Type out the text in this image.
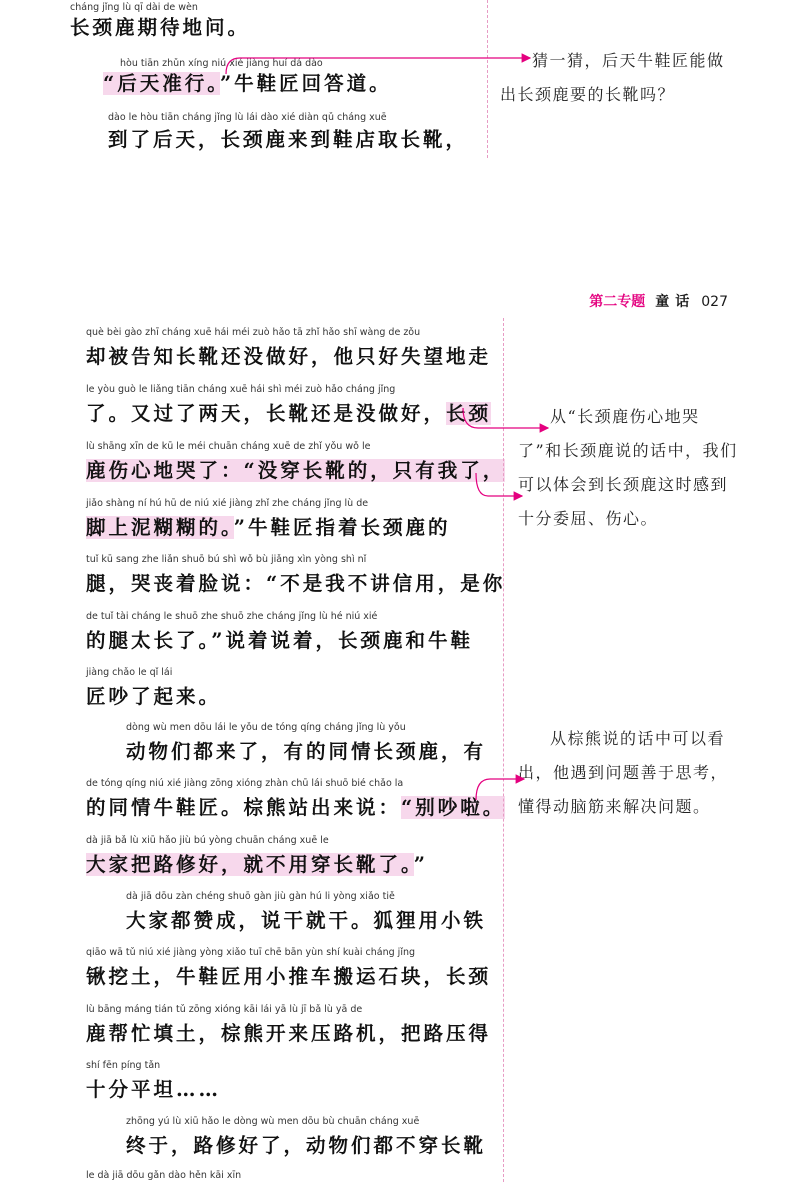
cháng jǐng lù qī dài de wèn
长颈鹿期待地问。
hòu tiān zhǔn xíng niú xié jiàng huí dá dào
“后天准行。”牛鞋匠回答道。
dào le hòu tiān cháng jǐng lù lái dào xié diàn qǔ cháng xuē
到了后天，长颈鹿来到鞋店取长靴，
猜一猜，后天牛鞋匠能做出长颈鹿要的长靴吗？
第二专题 童话 027
què bèi gào zhī cháng xuē hái méi zuò hǎo tā zhǐ hǎo shī wàng de zǒu
却被告知长靴还没做好，他只好失望地走
le yòu guò le liǎng tiān cháng xuē hái shì méi zuò hǎo cháng jǐng
了。又过了两天，长靴还是没做好，长颈
lù shāng xīn de kū le méi chuān cháng xuē de zhǐ yǒu wǒ le
鹿伤心地哭了：“没穿长靴的，只有我了，
jiǎo shàng ní hú hū de niú xié jiàng zhǐ zhe cháng jǐng lù de
脚上泥糊糊的。”牛鞋匠指着长颈鹿的
tuǐ kū sang zhe liǎn shuō bú shì wǒ bù jiǎng xìn yòng shì nǐ
腿，哭丧着脸说：“不是我不讲信用，是你
de tuǐ tài cháng le shuō zhe shuō zhe cháng jǐng lù hé niú xié
的腿太长了。”说着说着，长颈鹿和牛鞋
jiàng chǎo le qǐ lái
匠吵了起来。
dòng wù men dōu lái le yǒu de tóng qíng cháng jǐng lù yǒu
动物们都来了，有的同情长颈鹿，有
de tóng qíng niú xié jiàng zōng xióng zhàn chū lái shuō bié chǎo la
的同情牛鞋匠。棕熊站出来说：“别吵啦。
dà jiā bǎ lù xiū hǎo jiù bú yòng chuān cháng xuē le
大家把路修好，就不用穿长靴了。”
dà jiā dōu zàn chéng shuō gàn jiù gàn hú li yòng xiǎo tiě
大家都赞成，说干就干。狐狸用小铁
qiāo wā tǔ niú xié jiàng yòng xiǎo tuī chē bān yùn shí kuài cháng jǐng
锹挖土，牛鞋匠用小推车搬运石块，长颈
lù bāng máng tián tǔ zōng xióng kāi lái yā lù jī bǎ lù yā de
鹿帮忙填土，棕熊开来压路机，把路压得
shí fēn píng tǎn
十分平坦……
zhōng yú lù xiū hǎo le dòng wù men dōu bù chuān cháng xuē
终于，路修好了，动物们都不穿长靴
le dà jiā dōu gǎn dào hěn kāi xīn
从“长颈鹿伤心地哭了”和长颈鹿说的话中，我们可以体会到长颈鹿这时感到十分委屈、伤心。
从棕熊说的话中可以看出，他遇到问题善于思考，懂得动脑筋来解决问题。
